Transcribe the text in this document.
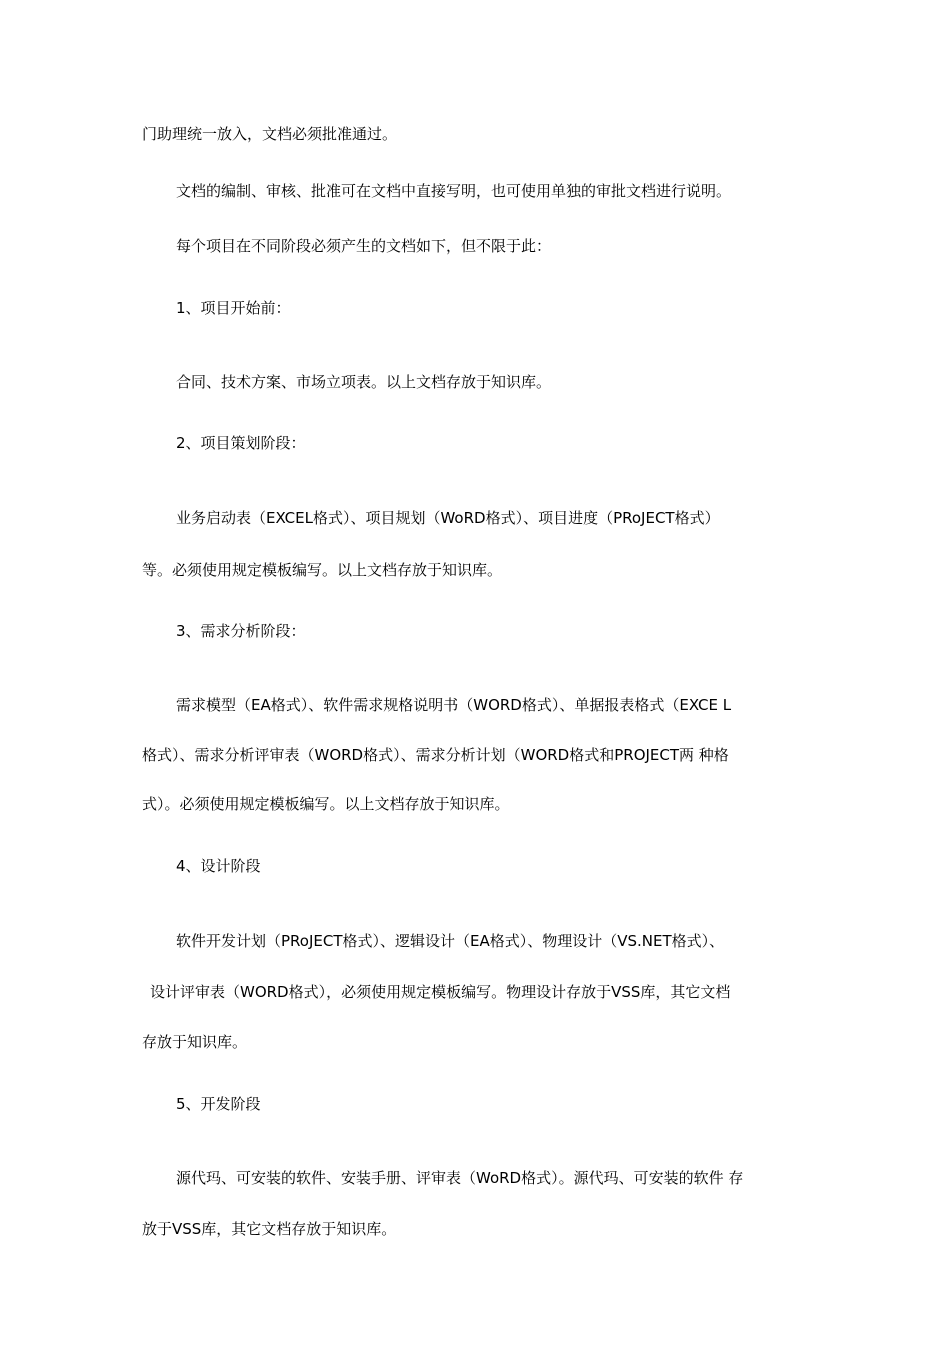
门助理统一放入，文档必须批准通过。
文档的编制、审核、批准可在文档中直接写明，也可使用单独的审批文档进行说明。
每个项目在不同阶段必须产生的文档如下，但不限于此：
1、项目开始前：
合同、技术方案、市场立项表。以上文档存放于知识库。
2、项目策划阶段：
业务启动表（EXCEL格式）、项目规划（WoRD格式）、项目进度（PRoJECT格式）
等。必须使用规定模板编写。以上文档存放于知识库。
3、需求分析阶段：
需求模型（EA格式）、软件需求规格说明书（WORD格式）、单据报表格式（EXCE L
格式）、需求分析评审表（WORD格式）、需求分析计划（WORD格式和PROJECT两 种格
式）。必须使用规定模板编写。以上文档存放于知识库。
4、设计阶段
软件开发计划（PRoJECT格式）、逻辑设计（EA格式）、物理设计（VS.NET格式）、
设计评审表（WORD格式），必须使用规定模板编写。物理设计存放于VSS库，其它文档
存放于知识库。
5、开发阶段
源代玛、可安装的软件、安装手册、评审表（WoRD格式）。源代玛、可安装的软件 存
放于VSS库，其它文档存放于知识库。
